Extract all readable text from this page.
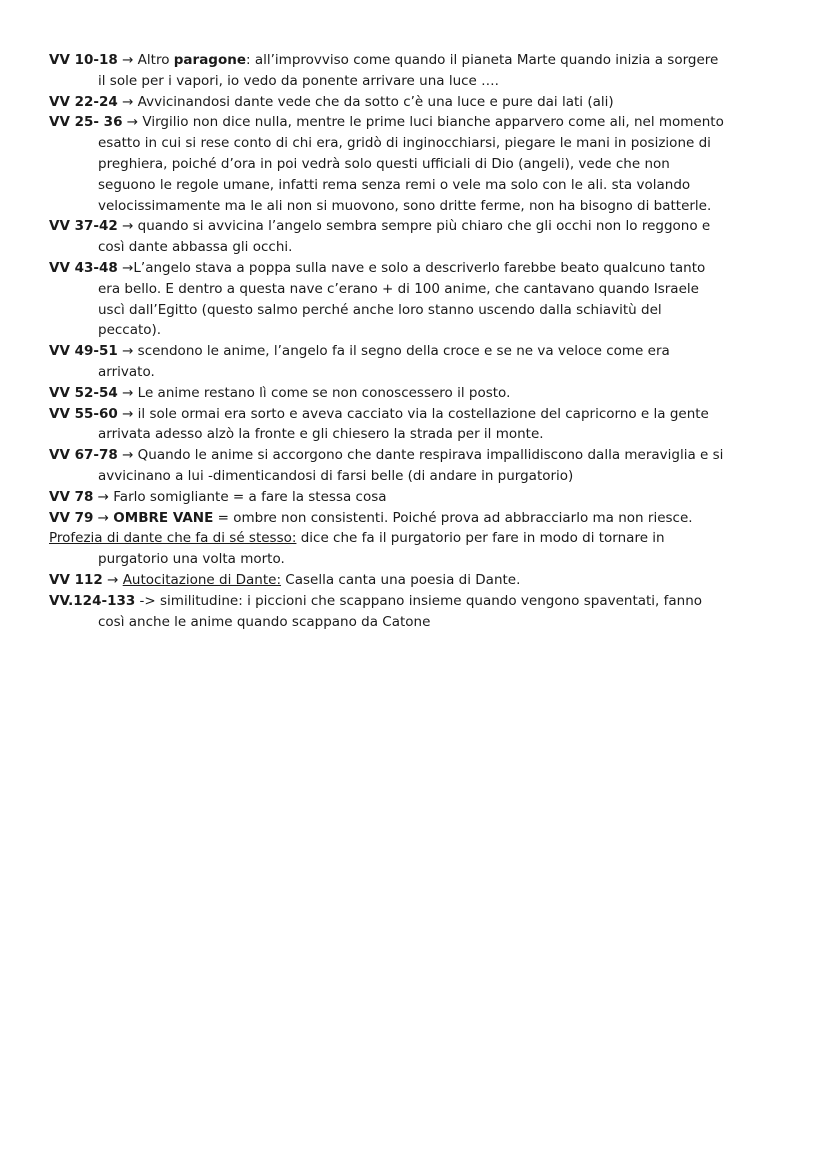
VV 10-18 → Altro paragone: all’improvviso come quando il pianeta Marte quando inizia a sorgere il sole per i vapori, io vedo da ponente arrivare una luce ….

VV 22-24 → Avvicinandosi dante vede che da sotto c’è una luce e pure dai lati (ali)

VV 25- 36 → Virgilio non dice nulla, mentre le prime luci bianche apparvero come ali, nel momento esatto in cui si rese conto di chi era, gridò di inginocchiarsi, piegare le mani in posizione di preghiera, poiché d’ora in poi vedrà solo questi ufficiali di Dio (angeli), vede che non seguono le regole umane, infatti rema senza remi o vele ma solo con le ali. sta volando velocissimamente ma le ali non si muovono, sono dritte ferme, non ha bisogno di batterle.

VV 37-42 → quando si avvicina l’angelo sembra sempre più chiaro che gli occhi non lo reggono e così dante abbassa gli occhi.

VV 43-48 →L’angelo stava a poppa sulla nave e solo a descriverlo farebbe beato qualcuno tanto era bello. E dentro a questa nave c’erano + di 100 anime, che cantavano quando Israele uscì dall’Egitto (questo salmo perché anche loro stanno uscendo dalla schiavitù del peccato).

VV 49-51 → scendono le anime, l’angelo fa il segno della croce e se ne va veloce come era arrivato.

VV 52-54 → Le anime restano lì come se non conoscessero il posto.

VV 55-60 → il sole ormai era sorto e aveva cacciato via la costellazione del capricorno e la gente arrivata adesso alzò la fronte e gli chiesero la strada per il monte.

VV 67-78 → Quando le anime si accorgono che dante respirava impallidiscono dalla meraviglia e si avvicinano a lui -dimenticandosi di farsi belle (di andare in purgatorio)

VV 78 → Farlo somigliante = a fare la stessa cosa

VV 79 → OMBRE VANE = ombre non consistenti. Poiché prova ad abbracciarlo ma non riesce.

Profezia di dante che fa di sé stesso: dice che fa il purgatorio per fare in modo di tornare in purgatorio una volta morto.

VV 112 → Autocitazione di Dante: Casella canta una poesia di Dante.

VV.124-133 -> similitudine: i piccioni che scappano insieme quando vengono spaventati, fanno così anche le anime quando scappano da Catone
